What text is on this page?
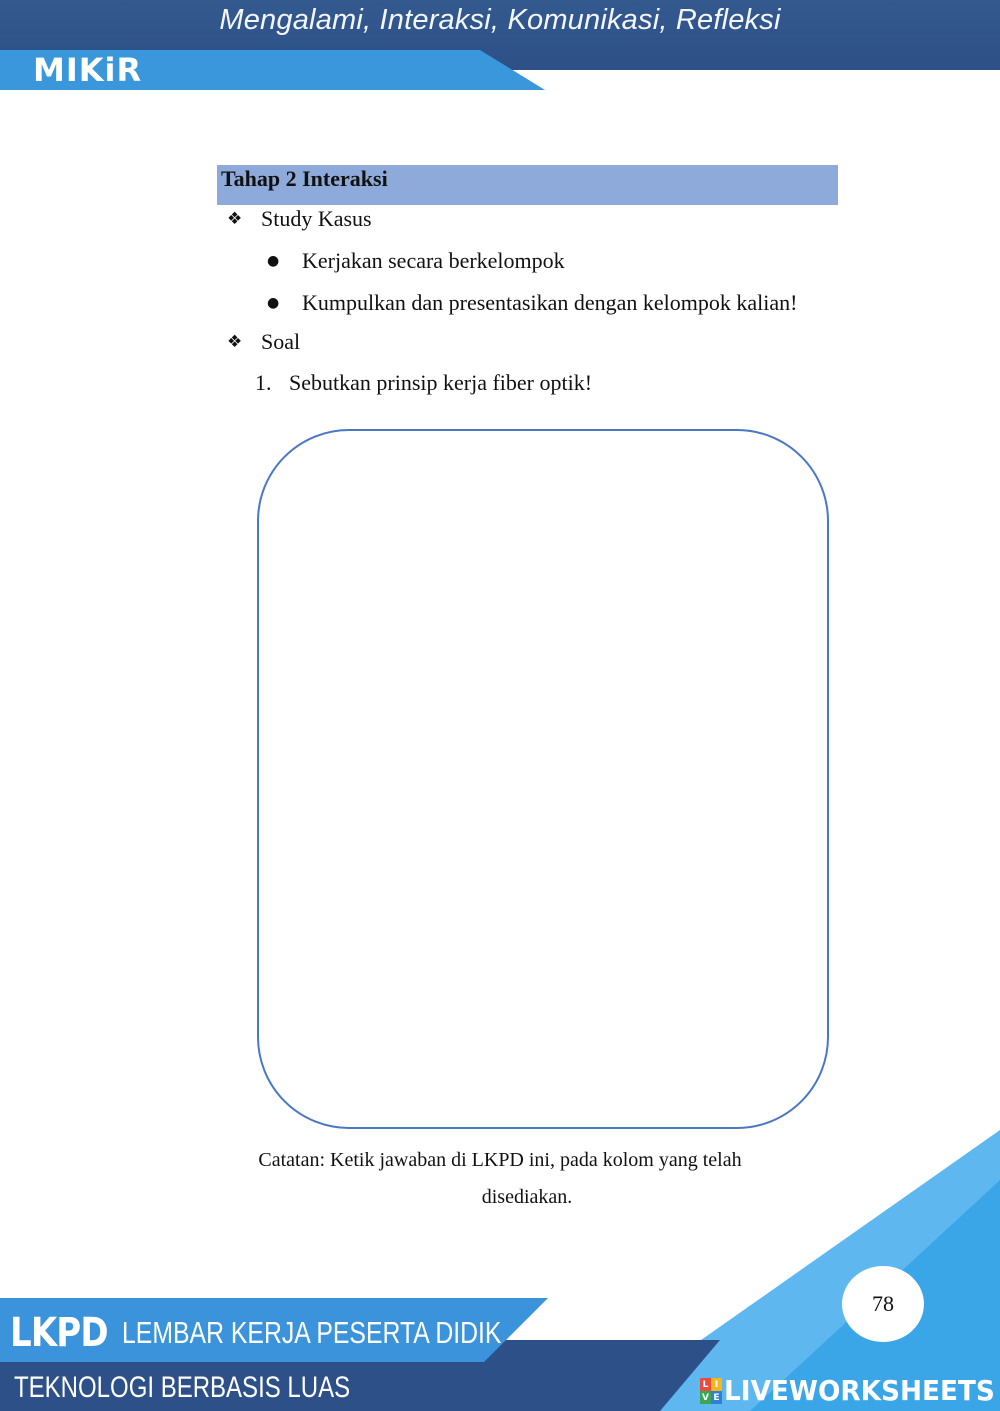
Mengalami, Interaksi, Komunikasi, Refleksi
MIKiR
Tahap 2 Interaksi
❖ Study Kasus
● Kerjakan secara berkelompok
● Kumpulkan dan presentasikan dengan kelompok kalian!
❖ Soal
1. Sebutkan prinsip kerja fiber optik!
Catatan: Ketik jawaban di LKPD ini, pada kolom yang telah
disediakan.
LKPD LEMBAR KERJA PESERTA DIDIK
TEKNOLOGI BERBASIS LUAS
78
L I
V E LIVEWORKSHEETS
